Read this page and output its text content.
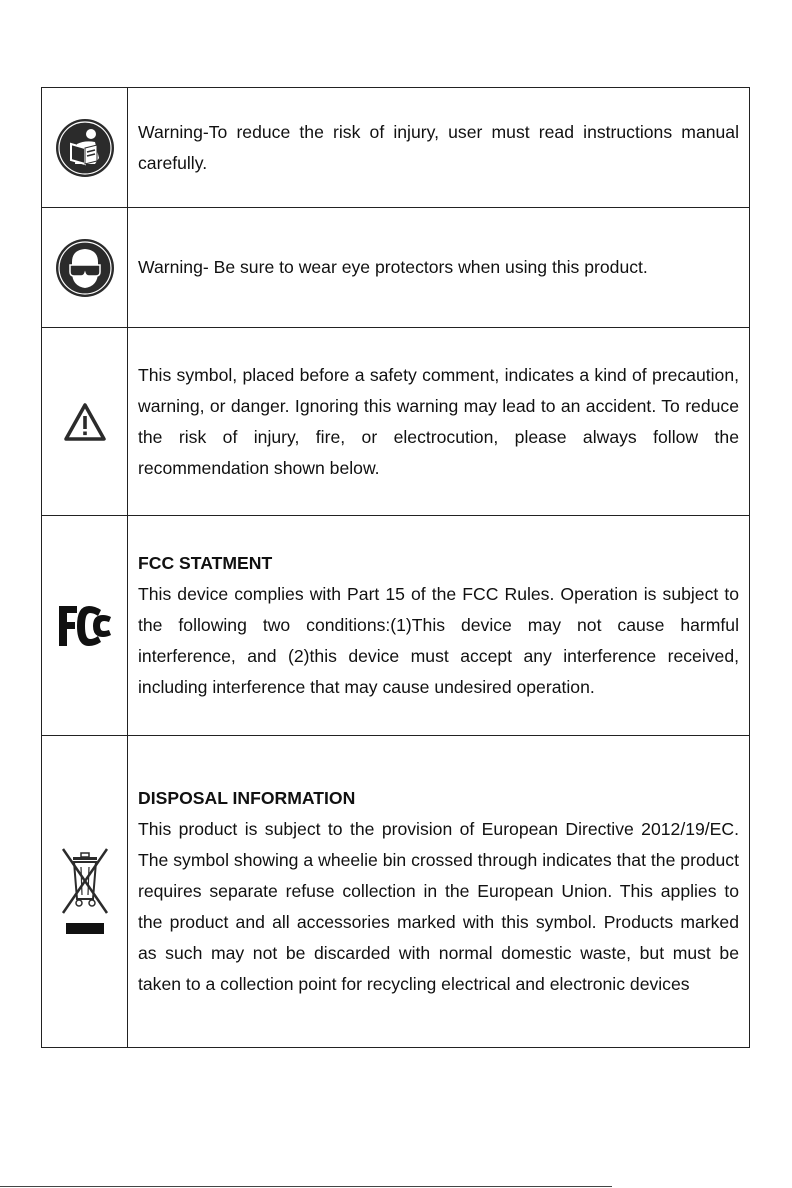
Warning-To reduce the risk of injury, user must read instructions manual carefully.

Warning- Be sure to wear eye protectors when using this product.

This symbol, placed before a safety comment, indicates a kind of precaution, warning, or danger. Ignoring this warning may lead to an accident. To reduce the risk of injury, fire, or electrocution, please always follow the recommendation shown below.

FCC STATMENT

This device complies with Part 15 of the FCC Rules. Operation is subject to the following two conditions:(1)This device may not cause harmful interference, and (2)this device must accept any interference received, including interference that may cause undesired operation.

DISPOSAL INFORMATION

This product is subject to the provision of European Directive 2012/19/EC. The symbol showing a wheelie bin crossed through indicates that the product requires separate refuse collection in the European Union. This applies to the product and all accessories marked with this symbol. Products marked as such may not be discarded with normal domestic waste, but must be taken to a collection point for recycling electrical and electronic devices
